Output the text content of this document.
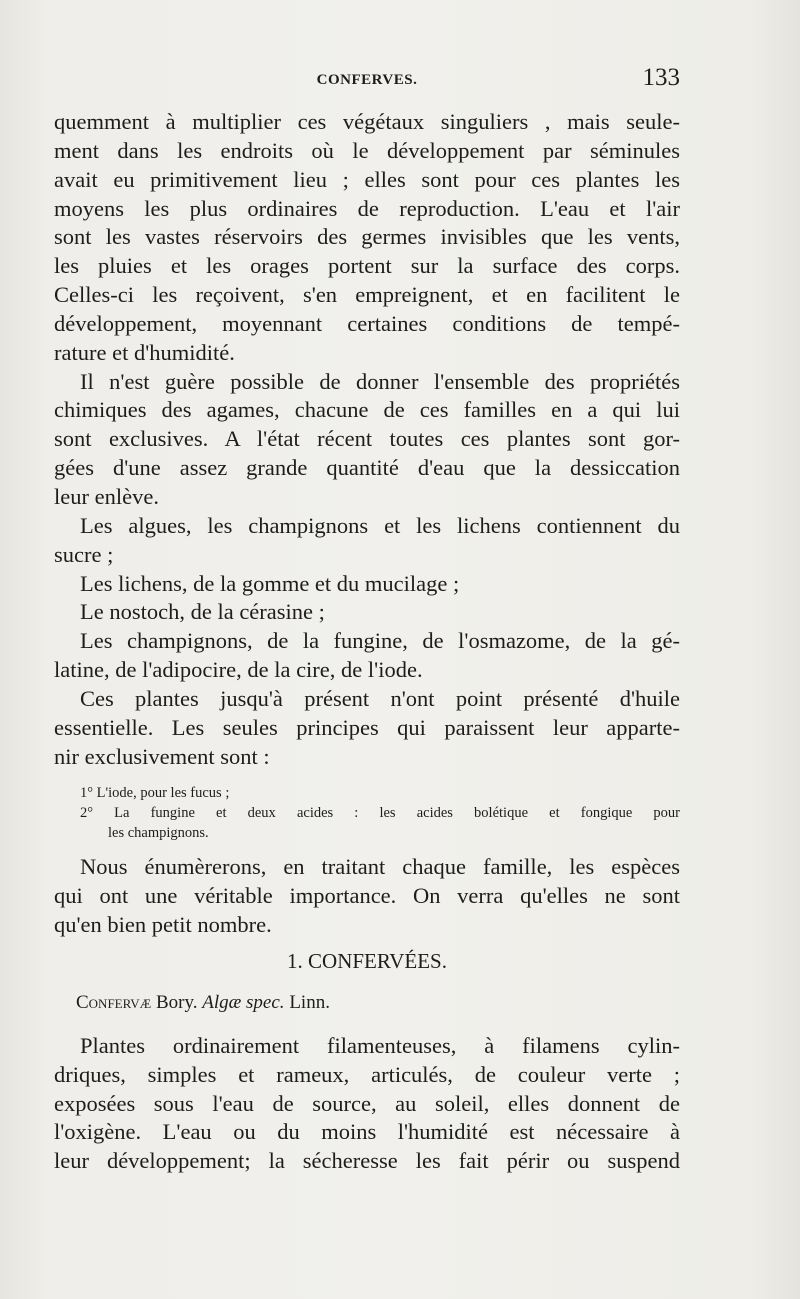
CONFERVES.	133
quemment à multiplier ces végétaux singuliers , mais seule-
ment dans les endroits où le développement par séminules
avait eu primitivement lieu ; elles sont pour ces plantes les
moyens les plus ordinaires de reproduction. L'eau et l'air
sont les vastes réservoirs des germes invisibles que les vents,
les pluies et les orages portent sur la surface des corps.
Celles-ci les reçoivent, s'en empreignent, et en facilitent le
développement, moyennant certaines conditions de tempé-
rature et d'humidité.
Il n'est guère possible de donner l'ensemble des propriétés
chimiques des agames, chacune de ces familles en a qui lui
sont exclusives. A l'état récent toutes ces plantes sont gor-
gées d'une assez grande quantité d'eau que la dessiccation
leur enlève.
Les algues, les champignons et les lichens contiennent du
sucre ;
Les lichens, de la gomme et du mucilage ;
Le nostoch, de la cérasine ;
Les champignons, de la fungine, de l'osmazome, de la gé-
latine, de l'adipocire, de la cire, de l'iode.
Ces plantes jusqu'à présent n'ont point présenté d'huile
essentielle. Les seules principes qui paraissent leur apparte-
nir exclusivement sont :
1° L'iode, pour les fucus ;
2° La fungine et deux acides : les acides bolétique et fongique pour
les champignons.
Nous énumèrerons, en traitant chaque famille, les espèces
qui ont une véritable importance. On verra qu'elles ne sont
qu'en bien petit nombre.
1. CONFERVÉES.
Confervæ Bory. Algæ spec. Linn.
Plantes ordinairement filamenteuses, à filamens cylin-
driques, simples et rameux, articulés, de couleur verte ;
exposées sous l'eau de source, au soleil, elles donnent de
l'oxigène. L'eau ou du moins l'humidité est nécessaire à
leur développement; la sécheresse les fait périr ou suspend
